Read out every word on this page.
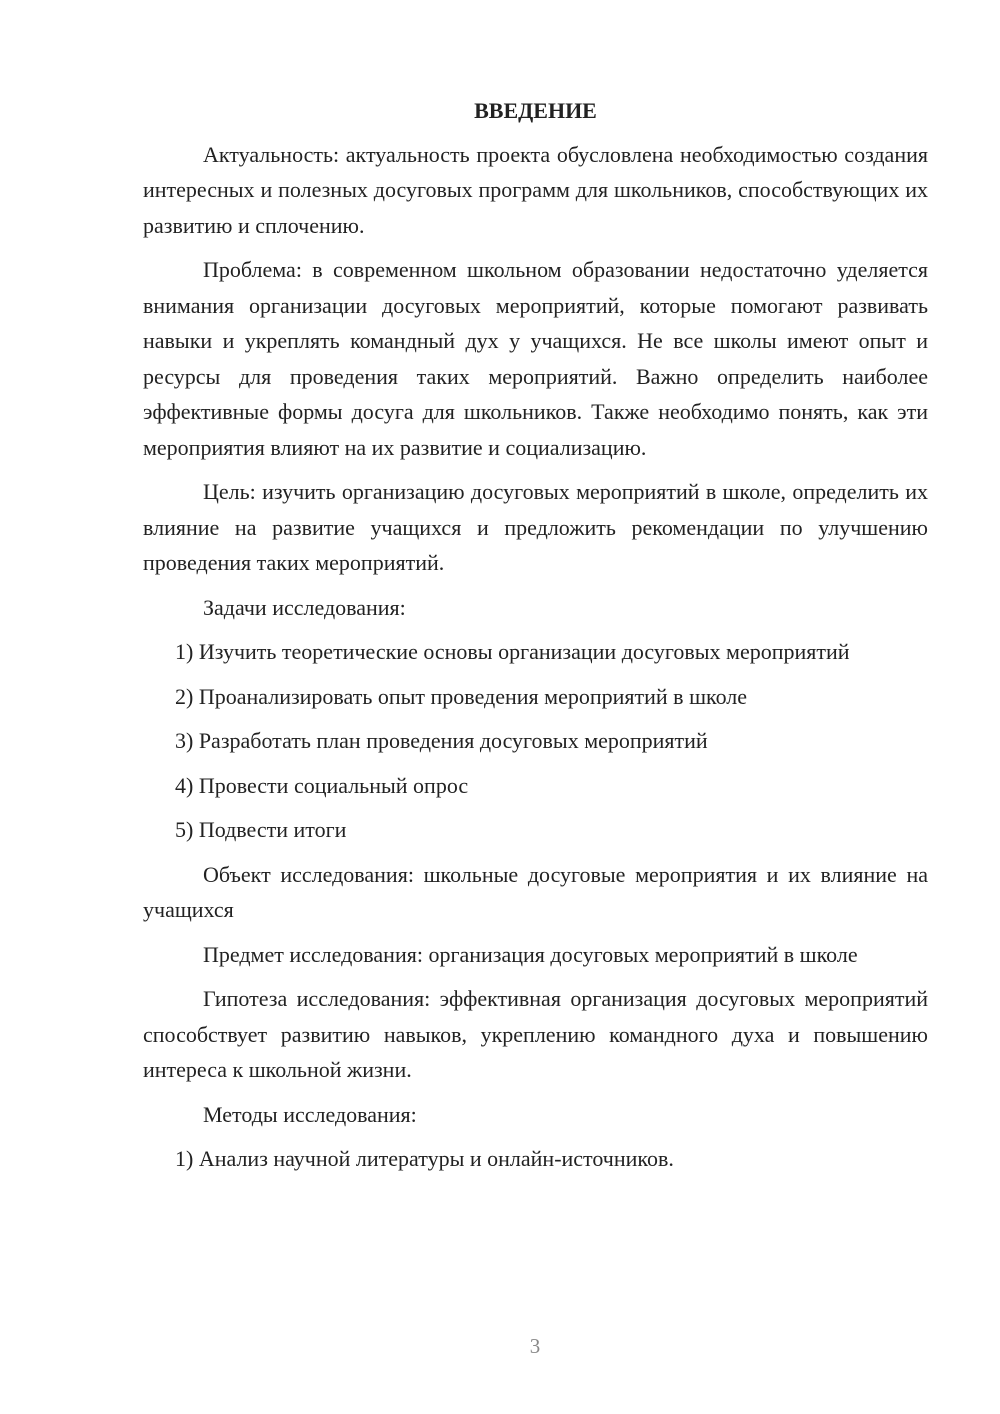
ВВЕДЕНИЕ
Актуальность: актуальность проекта обусловлена необходимостью создания интересных и полезных досуговых программ для школьников, способствующих их развитию и сплочению.
Проблема: в современном школьном образовании недостаточно уделяется внимания организации досуговых мероприятий, которые помогают развивать навыки и укреплять командный дух у учащихся. Не все школы имеют опыт и ресурсы для проведения таких мероприятий. Важно определить наиболее эффективные формы досуга для школьников. Также необходимо понять, как эти мероприятия влияют на их развитие и социализацию.
Цель: изучить организацию досуговых мероприятий в школе, определить их влияние на развитие учащихся и предложить рекомендации по улучшению проведения таких мероприятий.
Задачи исследования:
1) Изучить теоретические основы организации досуговых мероприятий
2) Проанализировать опыт проведения мероприятий в школе
3) Разработать план проведения досуговых мероприятий
4) Провести социальный опрос
5) Подвести итоги
Объект исследования: школьные досуговые мероприятия и их влияние на учащихся
Предмет исследования: организация досуговых мероприятий в школе
Гипотеза исследования: эффективная организация досуговых мероприятий способствует развитию навыков, укреплению командного духа и повышению интереса к школьной жизни.
Методы исследования:
1) Анализ научной литературы и онлайн-источников.
3
